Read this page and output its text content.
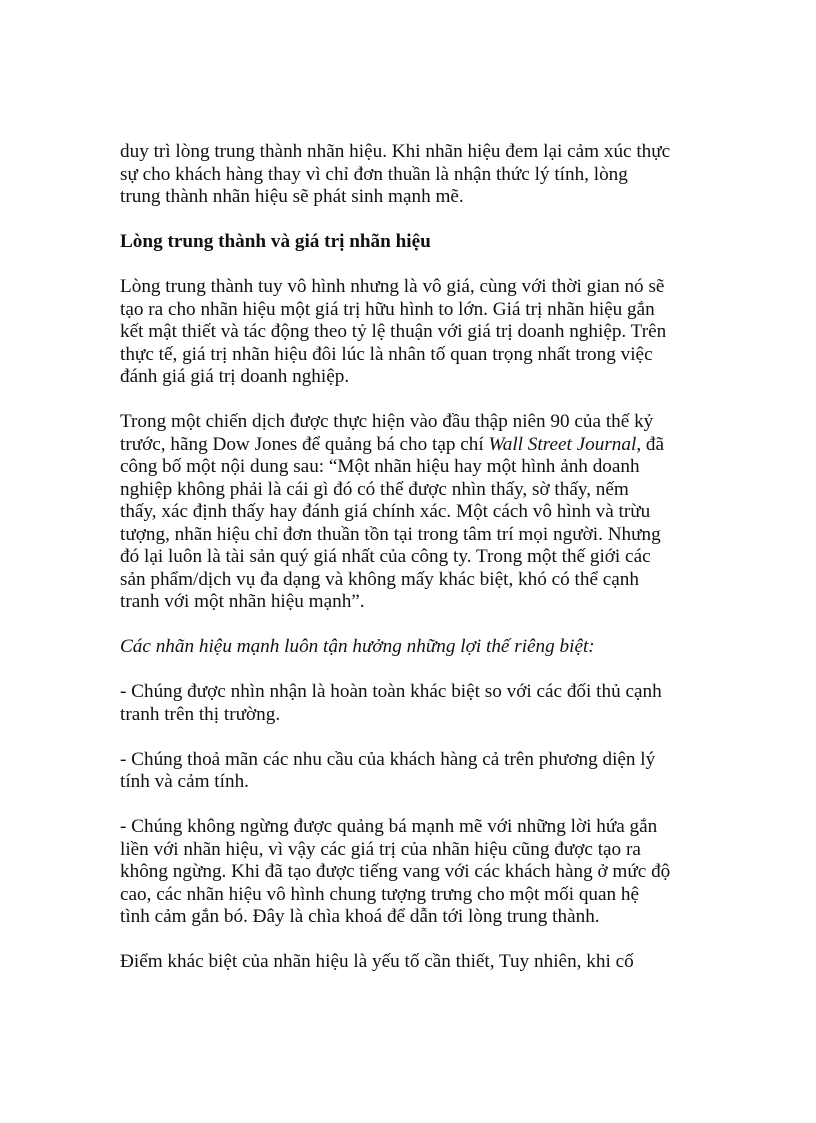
duy trì lòng trung thành nhãn hiệu. Khi nhãn hiệu đem lại cảm xúc thực
sự cho khách hàng thay vì chỉ đơn thuần là nhận thức lý tính, lòng
trung thành nhãn hiệu sẽ phát sinh mạnh mẽ.
Lòng trung thành và giá trị nhãn hiệu
Lòng trung thành tuy vô hình nhưng là vô giá, cùng với thời gian nó sẽ
tạo ra cho nhãn hiệu một giá trị hữu hình to lớn. Giá trị nhãn hiệu gắn
kết mật thiết và tác động theo tỷ lệ thuận với giá trị doanh nghiệp. Trên
thực tế, giá trị nhãn hiệu đôi lúc là nhân tố quan trọng nhất trong việc
đánh giá giá trị doanh nghiệp.
Trong một chiến dịch được thực hiện vào đầu thập niên 90 của thế kỷ
trước, hãng Dow Jones để quảng bá cho tạp chí Wall Street Journal, đã
công bố một nội dung sau: “Một nhãn hiệu hay một hình ảnh doanh
nghiệp không phải là cái gì đó có thể được nhìn thấy, sờ thấy, nếm
thấy, xác định thấy hay đánh giá chính xác. Một cách vô hình và trừu
tượng, nhãn hiệu chỉ đơn thuần tồn tại trong tâm trí mọi người. Nhưng
đó lại luôn là tài sản quý giá nhất của công ty. Trong một thế giới các
sản phẩm/dịch vụ đa dạng và không mấy khác biệt, khó có thể cạnh
tranh với một nhãn hiệu mạnh”.
Các nhãn hiệu mạnh luôn tận hưởng những lợi thế riêng biệt:
- Chúng được nhìn nhận là hoàn toàn khác biệt so với các đối thủ cạnh
tranh trên thị trường.
- Chúng thoả mãn các nhu cầu của khách hàng cả trên phương diện lý
tính và cảm tính.
- Chúng không ngừng được quảng bá mạnh mẽ với những lời hứa gắn
liền với nhãn hiệu, vì vậy các giá trị của nhãn hiệu cũng được tạo ra
không ngừng. Khi đã tạo được tiếng vang với các khách hàng ở mức độ
cao, các nhãn hiệu vô hình chung tượng trưng cho một mối quan hệ
tình cảm gắn bó. Đây là chìa khoá để dẫn tới lòng trung thành.
Điểm khác biệt của nhãn hiệu là yếu tố cần thiết, Tuy nhiên, khi cố
